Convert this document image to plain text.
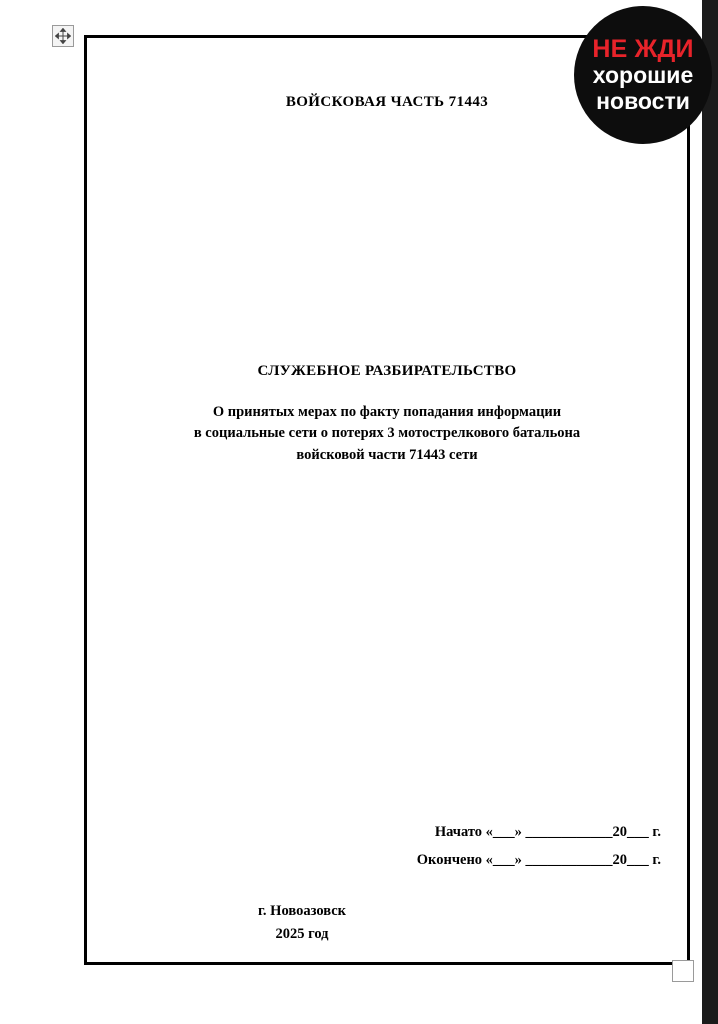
ВОЙСКОВАЯ ЧАСТЬ 71443
СЛУЖЕБНОЕ РАЗБИРАТЕЛЬСТВО
О принятых мерах по факту попадания информации
в социальные сети о потерях 3 мотострелкового батальона
войсковой части 71443 сети
Начато «___» ____________20___ г.
Окончено «___» ____________20___ г.
г. Новоазовск
2025 год
НЕ ЖДИ
хорошие
новости
